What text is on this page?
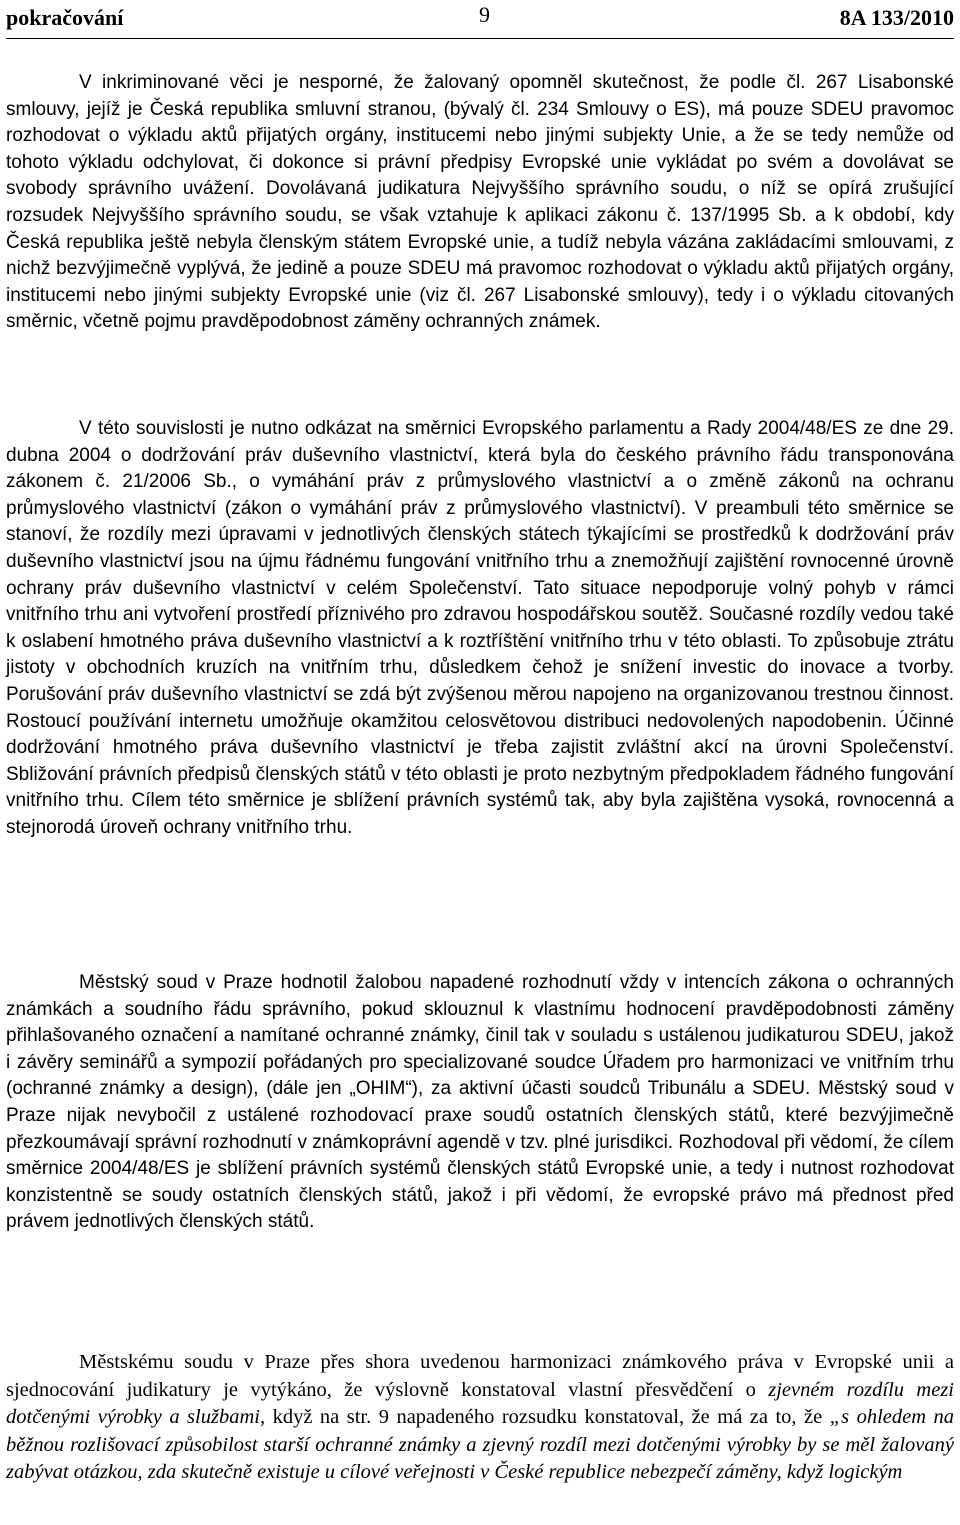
pokračování	9	8A 133/2010

V inkriminované věci je nesporné, že žalovaný opomněl skutečnost, že podle čl. 267 Lisabonské smlouvy, jejíž je Česká republika smluvní stranou, (bývalý čl. 234 Smlouvy o ES), má pouze SDEU pravomoc rozhodovat o výkladu aktů přijatých orgány, institucemi nebo jinými subjekty Unie, a že se tedy nemůže od tohoto výkladu odchylovat, či dokonce si právní předpisy Evropské unie vykládat po svém a dovolávat se svobody správního uvážení. Dovolávaná judikatura Nejvyššího správního soudu, o níž se opírá zrušující rozsudek Nejvyššího správního soudu, se však vztahuje k aplikaci zákonu č. 137/1995 Sb. a k období, kdy Česká republika ještě nebyla členským státem Evropské unie, a tudíž nebyla vázána zakládacími smlouvami, z nichž bezvýjimečně vyplývá, že jedině a pouze SDEU má pravomoc rozhodovat o výkladu aktů přijatých orgány, institucemi nebo jinými subjekty Evropské unie (viz čl. 267 Lisabonské smlouvy), tedy i o výkladu citovaných směrnic, včetně pojmu pravděpodobnost záměny ochranných známek.

V této souvislosti je nutno odkázat na směrnici Evropského parlamentu a Rady 2004/48/ES ze dne 29. dubna 2004 o dodržování práv duševního vlastnictví, která byla do českého právního řádu transponována zákonem č. 21/2006 Sb., o vymáhání práv z průmyslového vlastnictví a o změně zákonů na ochranu průmyslového vlastnictví (zákon o vymáhání práv z průmyslového vlastnictví). V preambuli této směrnice se stanoví, že rozdíly mezi úpravami v jednotlivých členských státech týkajícími se prostředků k dodržování práv duševního vlastnictví jsou na újmu řádnému fungování vnitřního trhu a znemožňují zajištění rovnocenné úrovně ochrany práv duševního vlastnictví v celém Společenství. Tato situace nepodporuje volný pohyb v rámci vnitřního trhu ani vytvoření prostředí příznivého pro zdravou hospodářskou soutěž. Současné rozdíly vedou také k oslabení hmotného práva duševního vlastnictví a k roztříštění vnitřního trhu v této oblasti. To způsobuje ztrátu jistoty v obchodních kruzích na vnitřním trhu, důsledkem čehož je snížení investic do inovace a tvorby. Porušování práv duševního vlastnictví se zdá být zvýšenou měrou napojeno na organizovanou trestnou činnost. Rostoucí používání internetu umožňuje okamžitou celosvětovou distribuci nedovolených napodobenin. Účinné dodržování hmotného práva duševního vlastnictví je třeba zajistit zvláštní akcí na úrovni Společenství. Sbližování právních předpisů členských států v této oblasti je proto nezbytným předpokladem řádného fungování vnitřního trhu. Cílem této směrnice je sblížení právních systémů tak, aby byla zajištěna vysoká, rovnocenná a stejnorodá úroveň ochrany vnitřního trhu.

Městský soud v Praze hodnotil žalobou napadené rozhodnutí vždy v intencích zákona o ochranných známkách a soudního řádu správního, pokud sklouznul k vlastnímu hodnocení pravděpodobnosti záměny přihlašovaného označení a namítané ochranné známky, činil tak v souladu s ustálenou judikaturou SDEU, jakož i závěry seminářů a sympozií pořádaných pro specializované soudce Úřadem pro harmonizaci ve vnitřním trhu (ochranné známky a design), (dále jen „OHIM“), za aktivní účasti soudců Tribunálu a SDEU. Městský soud v Praze nijak nevybočil z ustálené rozhodovací praxe soudů ostatních členských států, které bezvýjimečně přezkoumávají správní rozhodnutí v známkoprávní agendě v tzv. plné jurisdikci. Rozhodoval při vědomí, že cílem směrnice 2004/48/ES je sblížení právních systémů členských států Evropské unie, a tedy i nutnost rozhodovat konzistentně se soudy ostatních členských států, jakož i při vědomí, že evropské právo má přednost před právem jednotlivých členských států.

Městskému soudu v Praze přes shora uvedenou harmonizaci známkového práva v Evropské unii a sjednocování judikatury je vytýkáno, že výslovně konstatoval vlastní přesvědčení o zjevném rozdílu mezi dotčenými výrobky a službami, když na str. 9 napadeného rozsudku konstatoval, že má za to, že „s ohledem na běžnou rozlišovací způsobilost starší ochranné známky a zjevný rozdíl mezi dotčenými výrobky by se měl žalovaný zabývat otázkou, zda skutečně existuje u cílové veřejnosti v České republice nebezpečí záměny, když logickým
